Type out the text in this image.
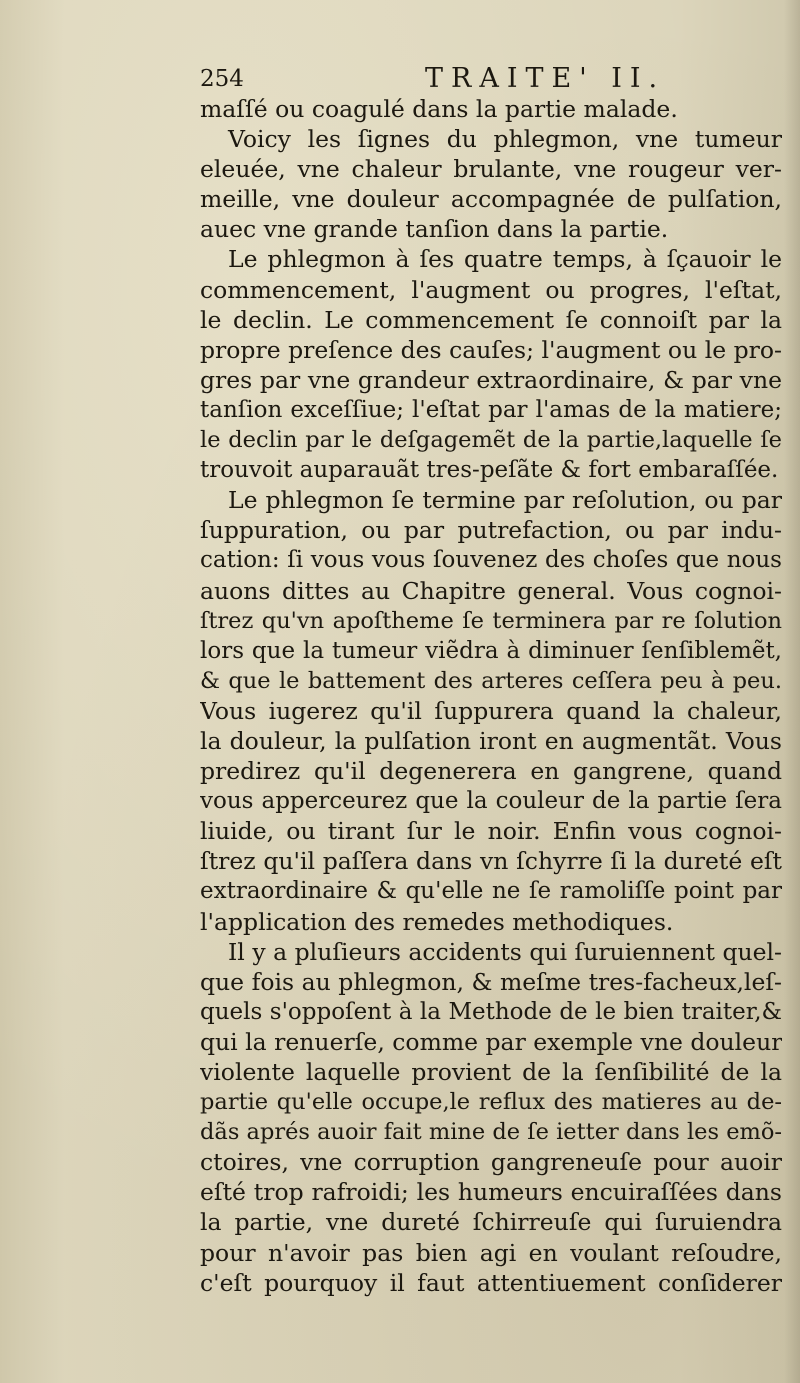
254	TRAITE' II.
maſſé ou coagulé dans la partie malade.
Voicy les ſignes du phlegmon, vne tumeur
eleuée, vne chaleur brulante, vne rougeur ver-
meille, vne douleur accompagnée de pulſation,
auec vne grande tanſion dans la partie.
Le phlegmon à ſes quatre temps, à ſçauoir le
commencement, l'augment ou progres, l'eſtat,
le declin. Le commencement ſe connoiſt par la
propre preſence des cauſes; l'augment ou le pro-
gres par vne grandeur extraordinaire, & par vne
tanſion exceſſiue; l'eſtat par l'amas de la matiere;
le declin par le deſgagemẽt de la partie,laquelle ſe
trouvoit auparauãt tres-peſãte & fort embaraſſée.
Le phlegmon ſe termine par reſolution, ou par
ſuppuration, ou par putrefaction, ou par indu-
cation: ſi vous vous ſouvenez des choſes que nous
auons dittes au Chapitre general. Vous cognoi-
ſtrez qu'vn apoſtheme ſe terminera par re ſolution
lors que la tumeur viẽdra à diminuer ſenſiblemẽt,
& que le battement des arteres ceſſera peu à peu.
Vous iugerez qu'il ſuppurera quand la chaleur,
la douleur, la pulſation iront en augmentãt. Vous
predirez qu'il degenerera en gangrene, quand
vous apperceurez que la couleur de la partie ſera
liuide, ou tirant ſur le noir. Enfin vous cognoi-
ſtrez qu'il paſſera dans vn ſchyrre ſi la dureté eſt
extraordinaire & qu'elle ne ſe ramoliſſe point par
l'application des remedes methodiques.
Il y a pluſieurs accidents qui ſuruiennent quel-
que fois au phlegmon, & meſme tres-facheux,leſ-
quels s'oppoſent à la Methode de le bien traiter,&
qui la renuerſe, comme par exemple vne douleur
violente laquelle provient de la ſenſibilité de la
partie qu'elle occupe,le reflux des matieres au de-
dãs aprés auoir fait mine de ſe ietter dans les emõ-
ctoires, vne corruption gangreneuſe pour auoir
eſté trop rafroidi; les humeurs encuiraſſées dans
la partie, vne dureté ſchirreuſe qui ſuruiendra
pour n'avoir pas bien agi en voulant reſoudre,
c'eſt pourquoy il faut attentiuement conſiderer
